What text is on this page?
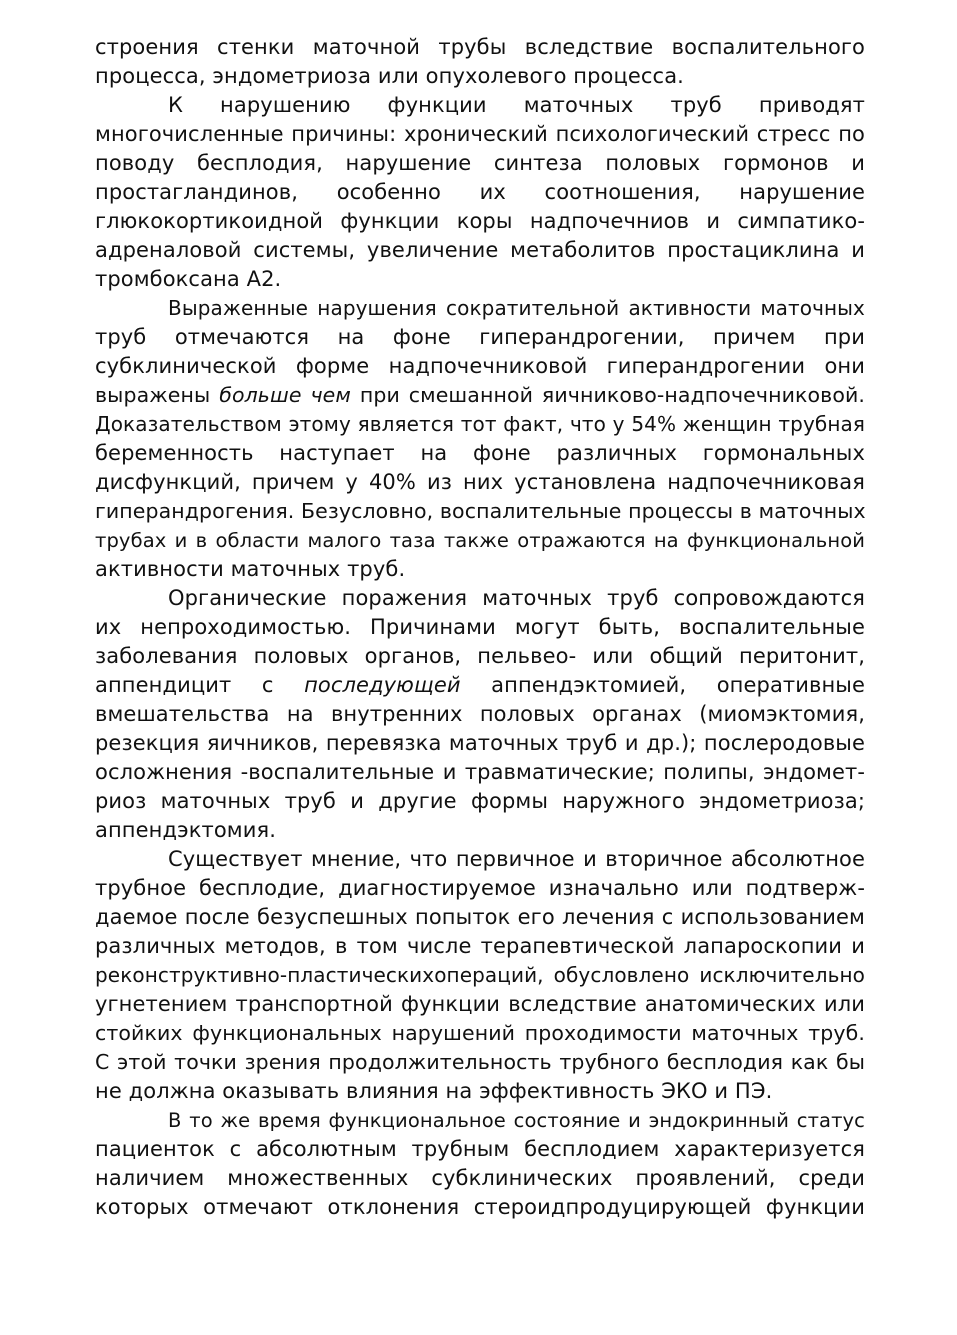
строения стенки маточной трубы вследствие воспалительного
процесса, эндометриоза или опухолевого процесса.
К нарушению функции маточных труб приводят
многочисленные причины: хронический психологический стресс по
поводу бесплодия, нарушение синтеза половых гормонов и
простагландинов, особенно их соотношения, нарушение
глюкокортикоидной функции коры надпочечниов и симпатико-
адреналовой системы, увеличение метаболитов простациклина и
тромбоксана А2.
Выраженные нарушения сократительной активности маточных
труб отмечаются на фоне гиперандрогении, причем при
субклинической форме надпочечниковой гиперандрогении они
выражены больше чем при смешанной яичниково-надпочечниковой.
Доказательством этому является тот факт, что у 54% женщин трубная
беременность наступает на фоне различных гормональных
дисфункций, причем у 40% из них установлена надпочечниковая
гиперандрогения. Безусловно, воспалительные процессы в маточных
трубах и в области малого таза также отражаются на функциональной
активности маточных труб.
Органические поражения маточных труб сопровождаются
их непроходимостью. Причинами могут быть, воспалительные
заболевания половых органов, пельвео- или общий перитонит,
аппендицит с последующей аппендэктомией, оперативные
вмешательства на внутренних половых органах (миомэктомия,
резекция яичников, перевязка маточных труб и др.); послеродовые
осложнения -воспалительные и травматические; полипы, эндомет-
риоз маточных труб и другие формы наружного эндометриоза;
аппендэктомия.
Существует мнение, что первичное и вторичное абсолютное
трубное бесплодие, диагностируемое изначально или подтверж-
даемое после безуспешных попыток его лечения с использованием
различных методов, в том числе терапевтической лапароскопии и
реконструктивно-пластическихопераций, обусловлено исключительно
угнетением транспортной функции вследствие анатомических или
стойких функциональных нарушений проходимости маточных труб.
С этой точки зрения продолжительность трубного бесплодия как бы
не должна оказывать влияния на эффективность ЭКО и ПЭ.
В то же время функциональное состояние и эндокринный статус
пациенток с абсолютным трубным бесплодием характеризуется
наличием множественных субклинических проявлений, среди
которых отмечают отклонения стероидпродуцирующей функции
